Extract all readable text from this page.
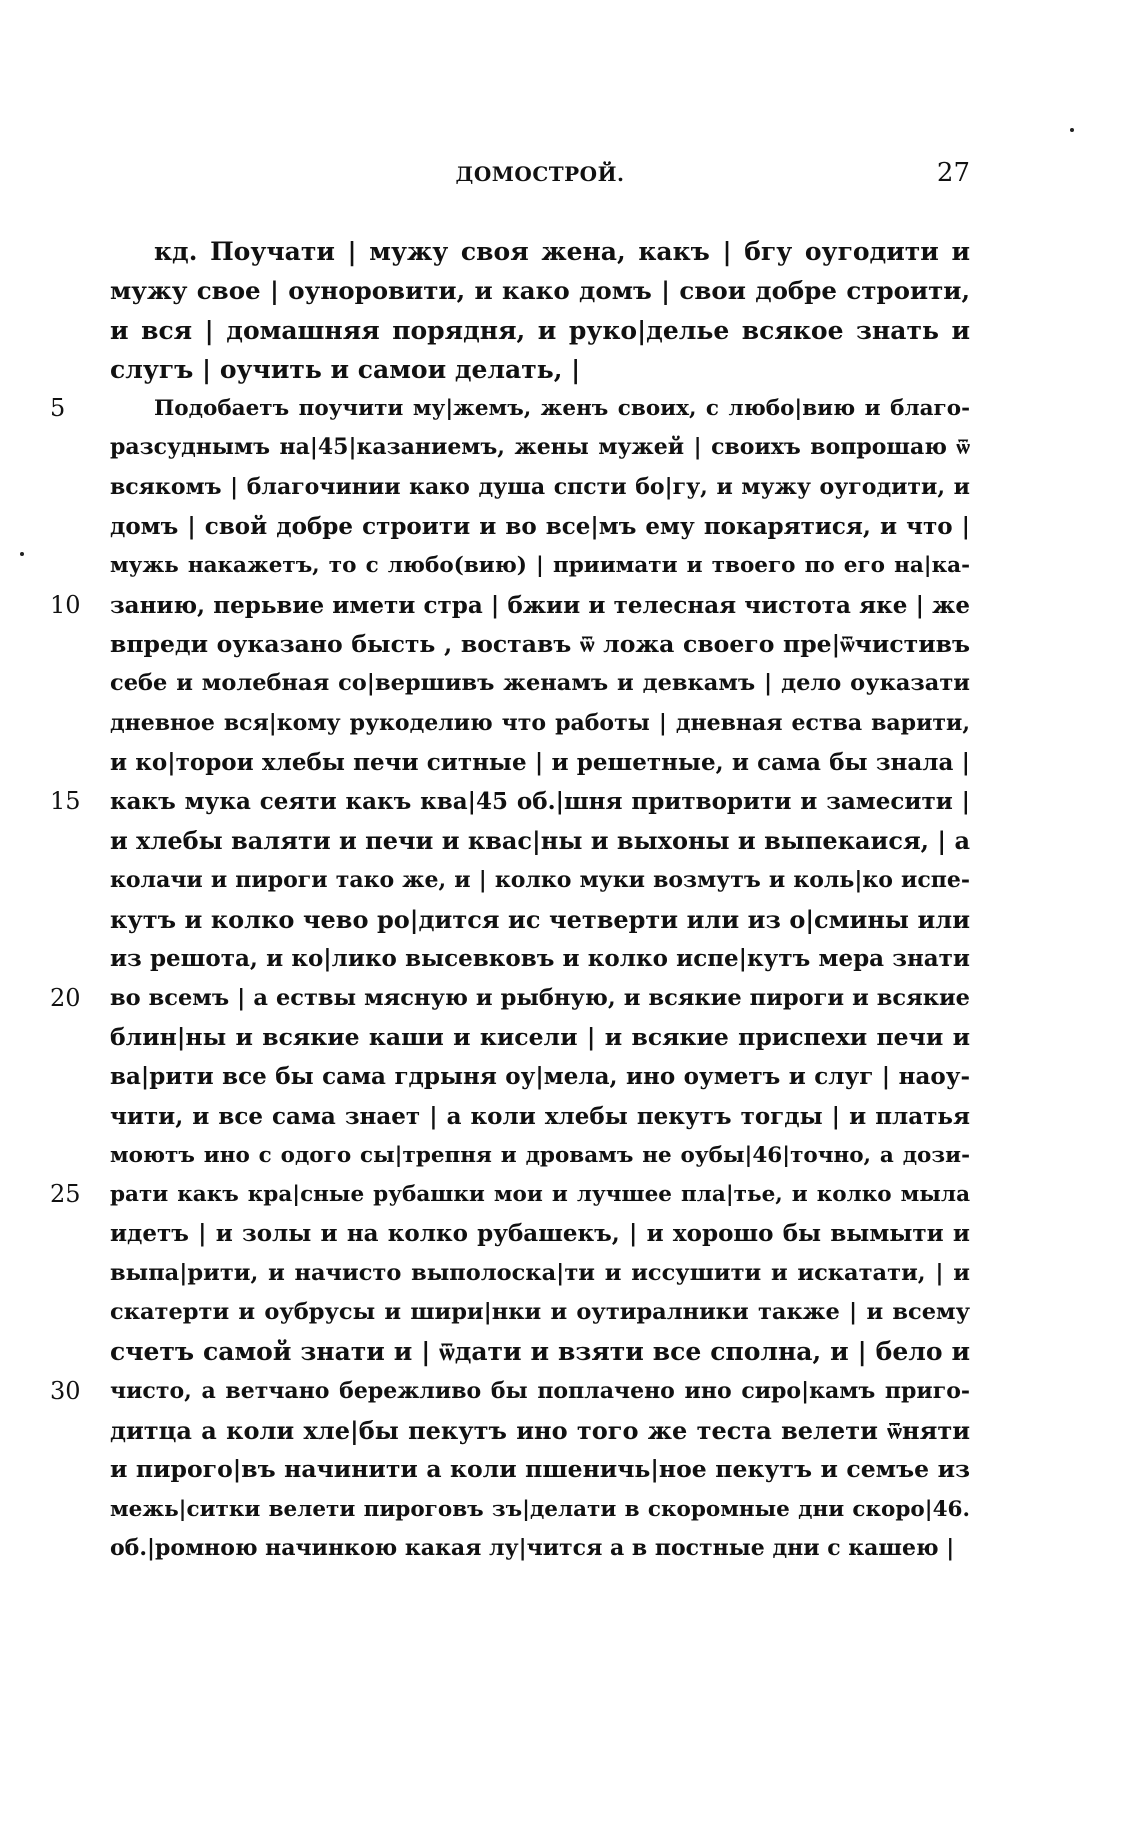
ДОМОСТРОЙ.	27
5
10
15
20
25
30
кд. Поучати | мужу своя жена, какъ | бгу оугодити и
мужу свое | оуноровити, и како домъ | свои добре строити,
и вся | домашняя порядня, и руко|делье всякое знать и
слугъ | оучить и самои делать, |
Подобаетъ поучити му|жемъ, женъ своих, с любо|вию и благо-
разсуднымъ на|45|казаниемъ, жены мужей | своихъ вопрошаю ѿ
всякомъ | благочинии како душа спсти бо|гу, и мужу оугодити, и
домъ | свой добре строити и во все|мъ ему покарятися, и что |
мужь накажетъ, то с любо(вию) | приимати и твоего по его на|ка-
занию, перьвие имети стра | бжии и телесная чистота яке | же
впреди оуказано бысть , воставъ ѿ ложа своего пре|ѿчистивъ
себе и молебная со|вершивъ женамъ и девкамъ | дело оуказати
дневное вся|кому рукоделию что работы | дневная ества варити,
и ко|торои хлебы печи ситные | и решетные, и сама бы знала |
какъ мука сеяти какъ ква|45 об.|шня притворити и замесити |
и хлебы валяти и печи и квас|ны и выхоны и выпекаися, | а
колачи и пироги тако же, и | колко муки возмутъ и коль|ко испе-
кутъ и колко чево ро|дится ис четверти или из о|смины или
из решота, и ко|лико высевковъ и колко испе|кутъ мера знати
во всемъ | а ествы мясную и рыбную, и всякие пироги и всякие
блин|ны и всякие каши и кисели | и всякие приспехи печи и
ва|рити все бы сама гдрыня оу|мела, ино оуметъ и слуг | наоу-
чити, и все сама знает | а коли хлебы пекутъ тогды | и платья
моютъ ино с одого сы|трепня и дровамъ не оубы|46|точно, а дози-
рати какъ кра|сные рубашки мои и лучшее пла|тье, и колко мыла
идетъ | и золы и на колко рубашекъ, | и хорошо бы вымыти и
выпа|рити, и начисто выполоска|ти и иссушити и искатати, | и
скатерти и оубрусы и шири|нки и оутиралники также | и всему
счетъ самой знати и | ѿдати и взяти все сполна, и | бело и
чисто, а ветчано бережливо бы поплачено ино сиро|камъ приго-
дитца а коли хле|бы пекутъ ино того же теста велети ѿняти
и пирого|въ начинити а коли пшеничь|ное пекутъ и семъе из
межь|ситки велети пироговъ зъ|делати в скоромные дни скоро|46.
об.|ромною начинкою какая лу|чится а в постные дни с кашею |
